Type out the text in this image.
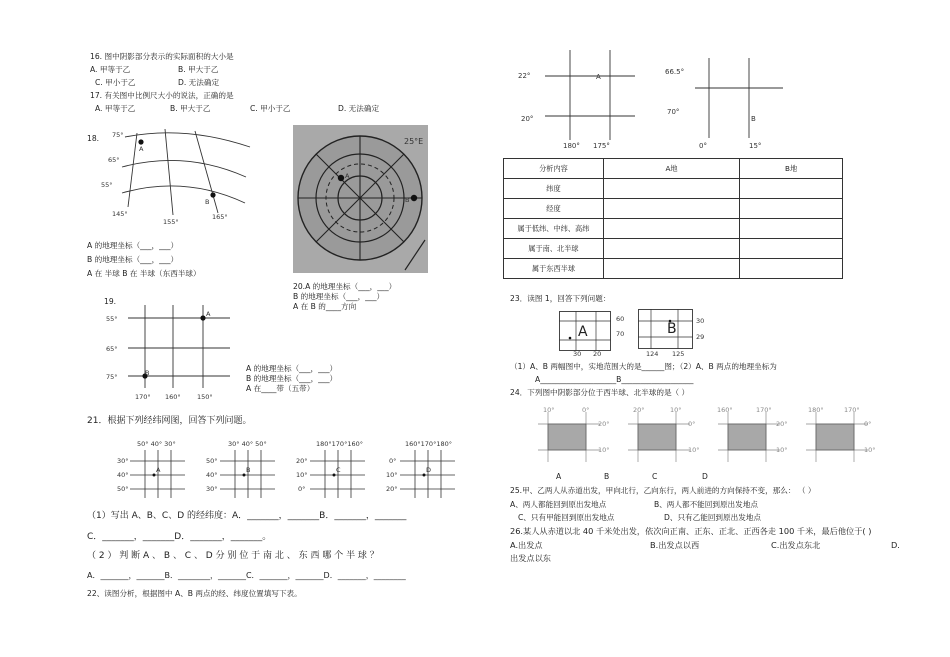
16. 图中阴影部分表示的实际面积的大小是
A. 甲等于乙	B. 甲大于乙
C. 甲小于乙	D. 无法确定
17. 有关图中比例尺大小的说法，正确的是
A. 甲等于乙	B. 甲大于乙	C. 甲小于乙	D. 无法确定
18. 75°
65°
55°
145°
155°
165°
A
B
A 的地理坐标（___，___）
B 的地理坐标（___，___）
A 在 半球 B 在 半球（东西半球）
25°E
A
B
20.A 的地理坐标（___，___）
B 的地理坐标（___，___）
A 在 B 的____方向
19.
55°
65°
75°
170° 160°	150°
A
B	A 的地理坐标（___，___）
B 的地理坐标（___，___）
A 在____带（五带）
21．根据下列经纬网图，回答下列问题。
50° 40° 30°
30°
40°
50°
A
30° 40° 50°
50°
40°
30°
B
180°170°160°
20°
10°
0°
C
160°170°180°
0°
10°
20°
D
（1）写出 A、B、C、D 的经纬度：A．_______，_______B．_______，_______
C．_______，_______D．_______，_______。
（ 2 ） 判 断 A 、 B 、 C 、 D 分 别 位 于 南 北 、 东 西 哪 个 半 球 ？
A．_______，_______B．________，_______C．_______，_______D．_______，________
22、读图分析，根据图中 A、B 两点的经、纬度位置填写下表。
22°
20°
180° 175°
A
66.5°
70°
0°	15°
B
分析内容	A地	B地
纬度		
经度		
属于低纬、中纬、高纬		
属于南、北半球		
属于东西半球		
23．读图 1，回答下列问题：
A
60
70
30 20
B	30
29
124 125
（1）A、B 两幅图中，实地范围大的是______图；（2）A、B 两点的地理坐标为
A____________________B___________________
24．下列图中阴影部分位于西半球、北半球的是（ ）
10°	0°
20°
10°
20°	10°
0°
10°
160°	170°
20°
10°
180°	170°
0°
10°
A	B	C	D
25.甲、乙两人从赤道出发，甲向北行，乙向东行，两人前进的方向保持不变，那么： （ ）
A、两人都能回到原出发地点	B、两人都不能回到原出发地点
C、只有甲能回到原出发地点	D、只有乙能回到原出发地点
26.某人从赤道以北 40 千米处出发，依次向正南、正东、正北、正西各走 100 千米，最后他位于( )
A.出发点	B.出发点以西	C.出发点东北	D.
出发点以东
